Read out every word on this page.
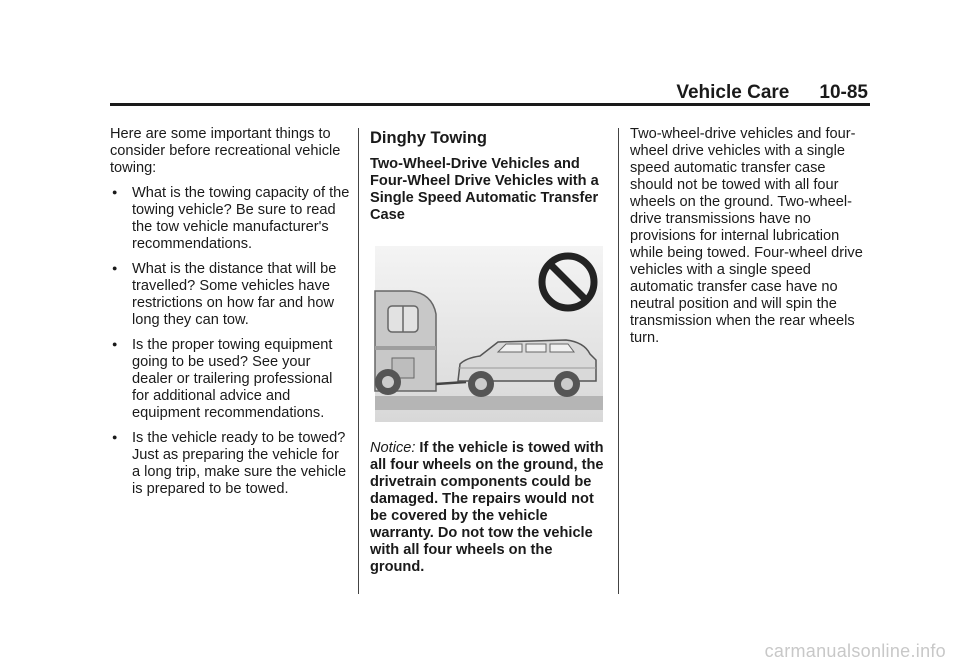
Vehicle Care 10-85

Here are some important things to consider before recreational vehicle towing:

● What is the towing capacity of the towing vehicle? Be sure to read the tow vehicle manufacturer's recommendations.
● What is the distance that will be travelled? Some vehicles have restrictions on how far and how long they can tow.
● Is the proper towing equipment going to be used? See your dealer or trailering professional for additional advice and equipment recommendations.
● Is the vehicle ready to be towed? Just as preparing the vehicle for a long trip, make sure the vehicle is prepared to be towed.
Dinghy Towing
Two-Wheel-Drive Vehicles and Four-Wheel Drive Vehicles with a Single Speed Automatic Transfer Case

Notice: If the vehicle is towed with all four wheels on the ground, the drivetrain components could be damaged. The repairs would not be covered by the vehicle warranty. Do not tow the vehicle with all four wheels on the ground.

Two-wheel-drive vehicles and four-wheel drive vehicles with a single speed automatic transfer case should not be towed with all four wheels on the ground. Two-wheel-drive transmissions have no provisions for internal lubrication while being towed. Four-wheel drive vehicles with a single speed automatic transfer case have no neutral position and will spin the transmission when the rear wheels turn.

carmanualsonline.info
